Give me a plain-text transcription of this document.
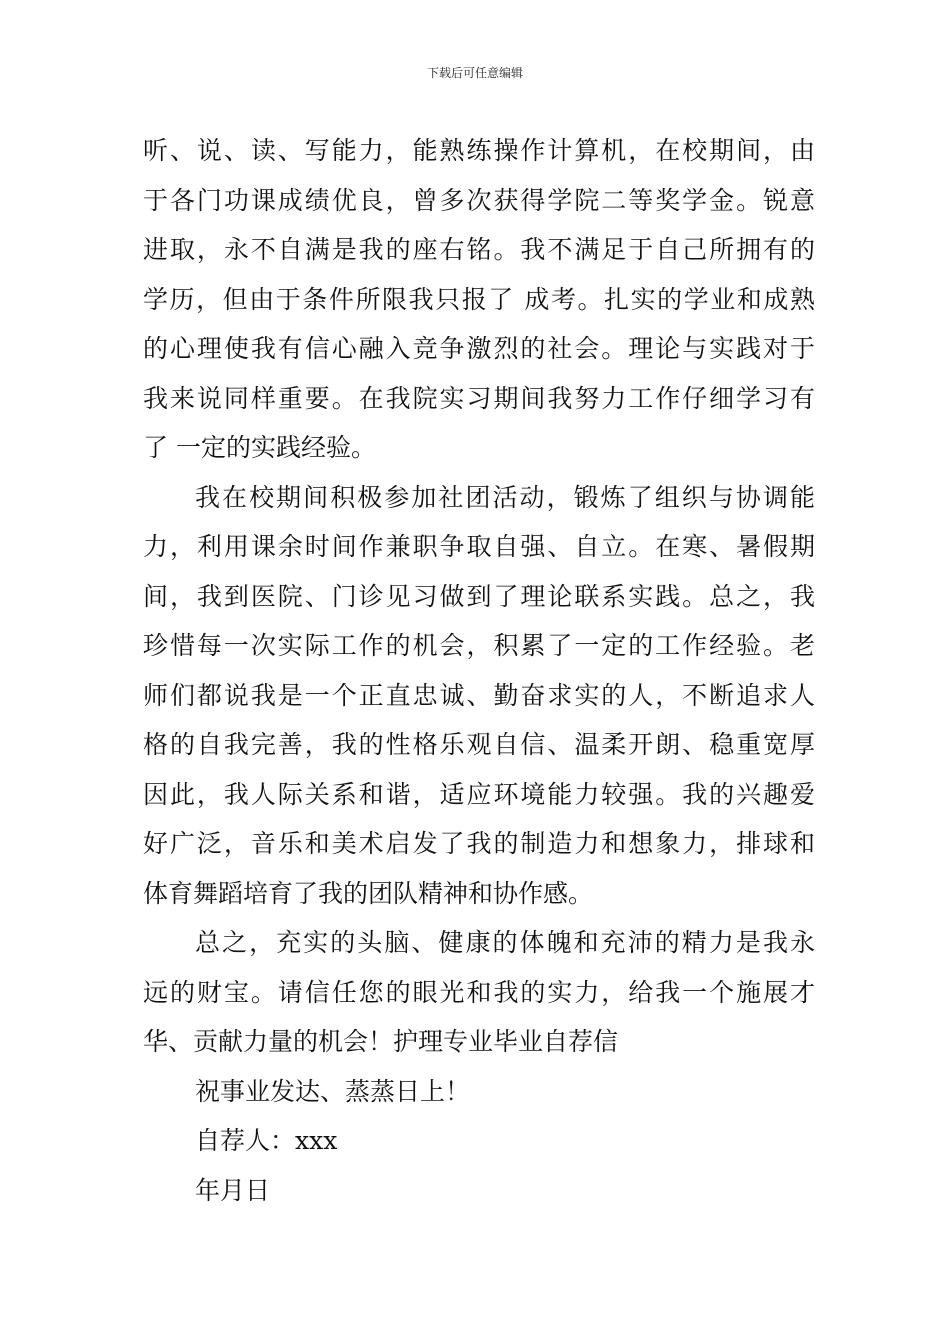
下载后可任意编辑
听、说、读、写能力，能熟练操作计算机，在校期间，由
于各门功课成绩优良，曾多次获得学院二等奖学金。锐意
进取，永不自满是我的座右铭。我不满足于自己所拥有的
学历，但由于条件所限我只报了 成考。扎实的学业和成熟
的心理使我有信心融入竞争激烈的社会。理论与实践对于
我来说同样重要。在我院实习期间我努力工作仔细学习有
了 一定的实践经验。
我在校期间积极参加社团活动，锻炼了组织与协调能
力，利用课余时间作兼职争取自强、自立。在寒、暑假期
间，我到医院、门诊见习做到了理论联系实践。总之，我
珍惜每一次实际工作的机会，积累了一定的工作经验。老
师们都说我是一个正直忠诚、勤奋求实的人，不断追求人
格的自我完善，我的性格乐观自信、温柔开朗、稳重宽厚
因此，我人际关系和谐，适应环境能力较强。我的兴趣爱
好广泛，音乐和美术启发了我的制造力和想象力，排球和
体育舞蹈培育了我的团队精神和协作感。
总之，充实的头脑、健康的体魄和充沛的精力是我永
远的财宝。请信任您的眼光和我的实力，给我一个施展才
华、贡献力量的机会！护理专业毕业自荐信
祝事业发达、蒸蒸日上！
自荐人：xxx
年月日
